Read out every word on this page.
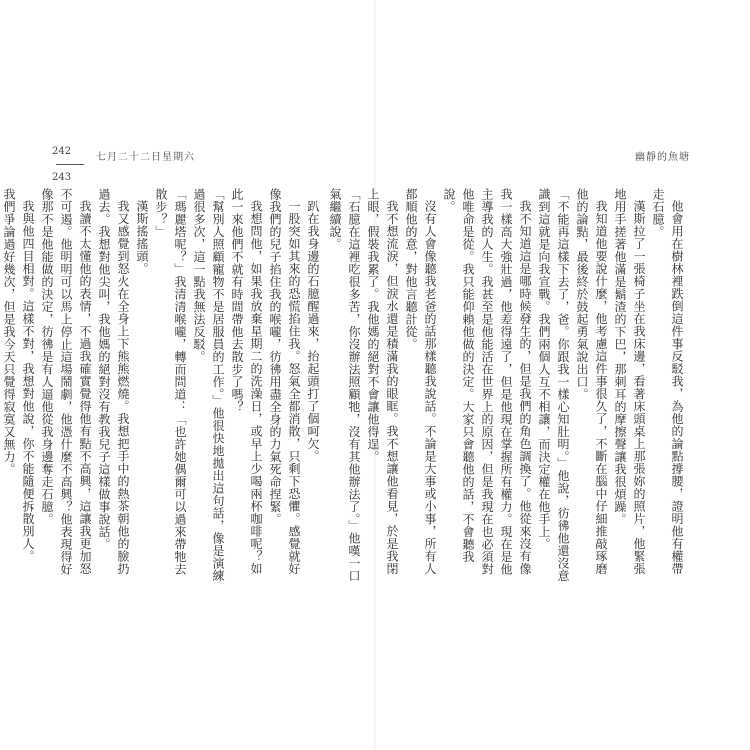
242
243
七月二十二日星期六	幽靜的魚塘

趴在我身邊的石臆醒過來，抬起頭打了個呵欠。

一股突如其來的恐慌掐住我。怒氣全都消散，只剩下恐懼。感覺就好像我們的兒子掐住我的喉嚨，彷彿用盡全身的力氣死命捏緊。

我想問他，如果我放棄星期二的洗澡日，或早上少喝兩杯咖啡呢？如此一來他們不就有時間帶他去散步了嗎？

「幫別人照顧寵物不是居服員的工作。」他很快地拋出這句話，像是演練過很多次，這一點我無法反駁。

「瑪麗塔呢？」我清清喉嚨，轉而問道：「也許她偶爾可以過來帶牠去散步？」

漢斯搖搖頭。

我又感覺到怒火在全身上下熊熊燃燒。我想把手中的熱茶朝他的臉扔過去。我想對他尖叫，我他媽的絕對沒有教我兒子這樣做事說話。

我讀不太懂他的表情，不過我確實覺得他有點不高興，這讓我更加怒不可遏。他明明可以馬上停止這場鬧劇，他憑什麼不高興？他表現得好像那不是他能做的決定，彷彿是有人逼他從我身邊奪走石臆。

我與他四目相對。這樣不對，我想對他說，你不能隨便拆散別人。

我們爭論過好幾次，但是我今天只覺得寂寞又無力。	他會用在樹林裡跌倒這件事反駁我，為他的論點撐腰，證明他有權帶走石臆。

漢斯拉了一張椅子坐在我床邊，看著床頭桌上那張妳的照片，他緊張地用手搓著他滿是鬍渣的下巴，那刺耳的摩擦聲讓我很煩躁。

我知道他要說什麼，他考慮這件事很久了，不斷在腦中仔細推敲琢磨他的論點，最後終於鼓起勇氣說出口。

「不能再這樣下去了，爸。你跟我一樣心知肚明。」他說，彷彿他還沒意識到這就是向我宣戰。我們兩個人互不相讓，而決定權在他手上。

我不知道這是哪時候發生的，但是我們的角色調換了。他從來沒有像我一樣高大強壯過，他差得遠了，但是他現在掌握所有權力。現在是他主導我的人生。我甚至是他能活在世界上的原因，但是我現在也必須對他唯命是從。我只能仰賴他做的決定。大家只會聽他的話，不會聽我說。

沒有人會像聽我老爸的話那樣聽我說話。不論是大事或小事，所有人都順他的意，對他言聽計從。

我不想流淚，但淚水還是積滿我的眼眶。我不想讓他看見，於是我閉上眼，假裝我累了。我他媽的絕對不會讓他得逞。

「石臆在這裡吃很多苦，你沒辦法照顧牠，沒有其他辦法了。」他嘆一口氣繼續說。
